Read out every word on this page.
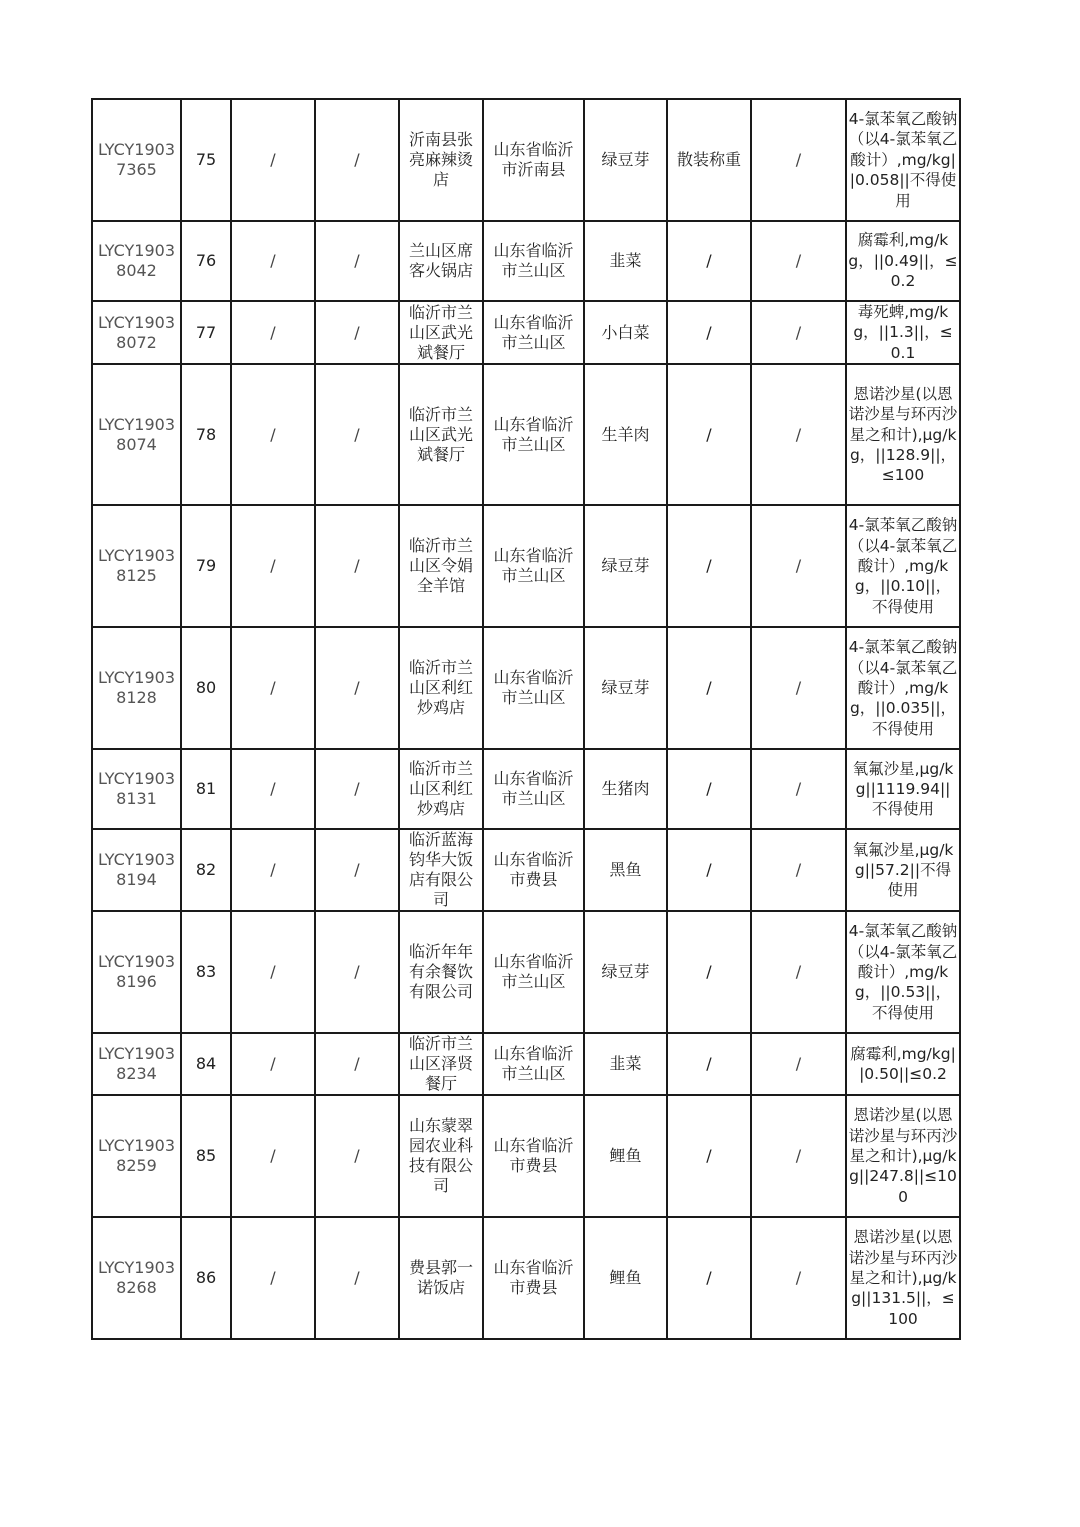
LYCY19037365	75	/	/	沂南县张亮麻辣烫店	山东省临沂市沂南县	绿豆芽	散装称重	/	4-氯苯氧乙酸钠（以4-氯苯氧乙酸计）,mg/kg||0.058||不得使用
LYCY19038042	76	/	/	兰山区席客火锅店	山东省临沂市兰山区	韭菜	/	/	腐霉利,mg/kg，||0.49||，≤0.2
LYCY19038072	77	/	/	临沂市兰山区武光斌餐厅	山东省临沂市兰山区	小白菜	/	/	毒死蜱,mg/kg，||1.3||，≤0.1
LYCY19038074	78	/	/	临沂市兰山区武光斌餐厅	山东省临沂市兰山区	生羊肉	/	/	恩诺沙星(以恩诺沙星与环丙沙星之和计),μg/kg，||128.9||，≤100
LYCY19038125	79	/	/	临沂市兰山区令娟全羊馆	山东省临沂市兰山区	绿豆芽	/	/	4-氯苯氧乙酸钠（以4-氯苯氧乙酸计）,mg/kg，||0.10||，不得使用
LYCY19038128	80	/	/	临沂市兰山区利红炒鸡店	山东省临沂市兰山区	绿豆芽	/	/	4-氯苯氧乙酸钠（以4-氯苯氧乙酸计）,mg/kg，||0.035||，不得使用
LYCY19038131	81	/	/	临沂市兰山区利红炒鸡店	山东省临沂市兰山区	生猪肉	/	/	氧氟沙星,μg/kg||1119.94||不得使用
LYCY19038194	82	/	/	临沂蓝海钧华大饭店有限公司	山东省临沂市费县	黑鱼	/	/	氧氟沙星,μg/kg||57.2||不得使用
LYCY19038196	83	/	/	临沂年年有余餐饮有限公司	山东省临沂市兰山区	绿豆芽	/	/	4-氯苯氧乙酸钠（以4-氯苯氧乙酸计）,mg/kg，||0.53||，不得使用
LYCY19038234	84	/	/	临沂市兰山区泽贤餐厅	山东省临沂市兰山区	韭菜	/	/	腐霉利,mg/kg||0.50||≤0.2
LYCY19038259	85	/	/	山东蒙翠园农业科技有限公司	山东省临沂市费县	鲤鱼	/	/	恩诺沙星(以恩诺沙星与环丙沙星之和计),μg/kg||247.8||≤100
LYCY19038268	86	/	/	费县郭一诺饭店	山东省临沂市费县	鲤鱼	/	/	恩诺沙星(以恩诺沙星与环丙沙星之和计),μg/kg||131.5||，≤100
